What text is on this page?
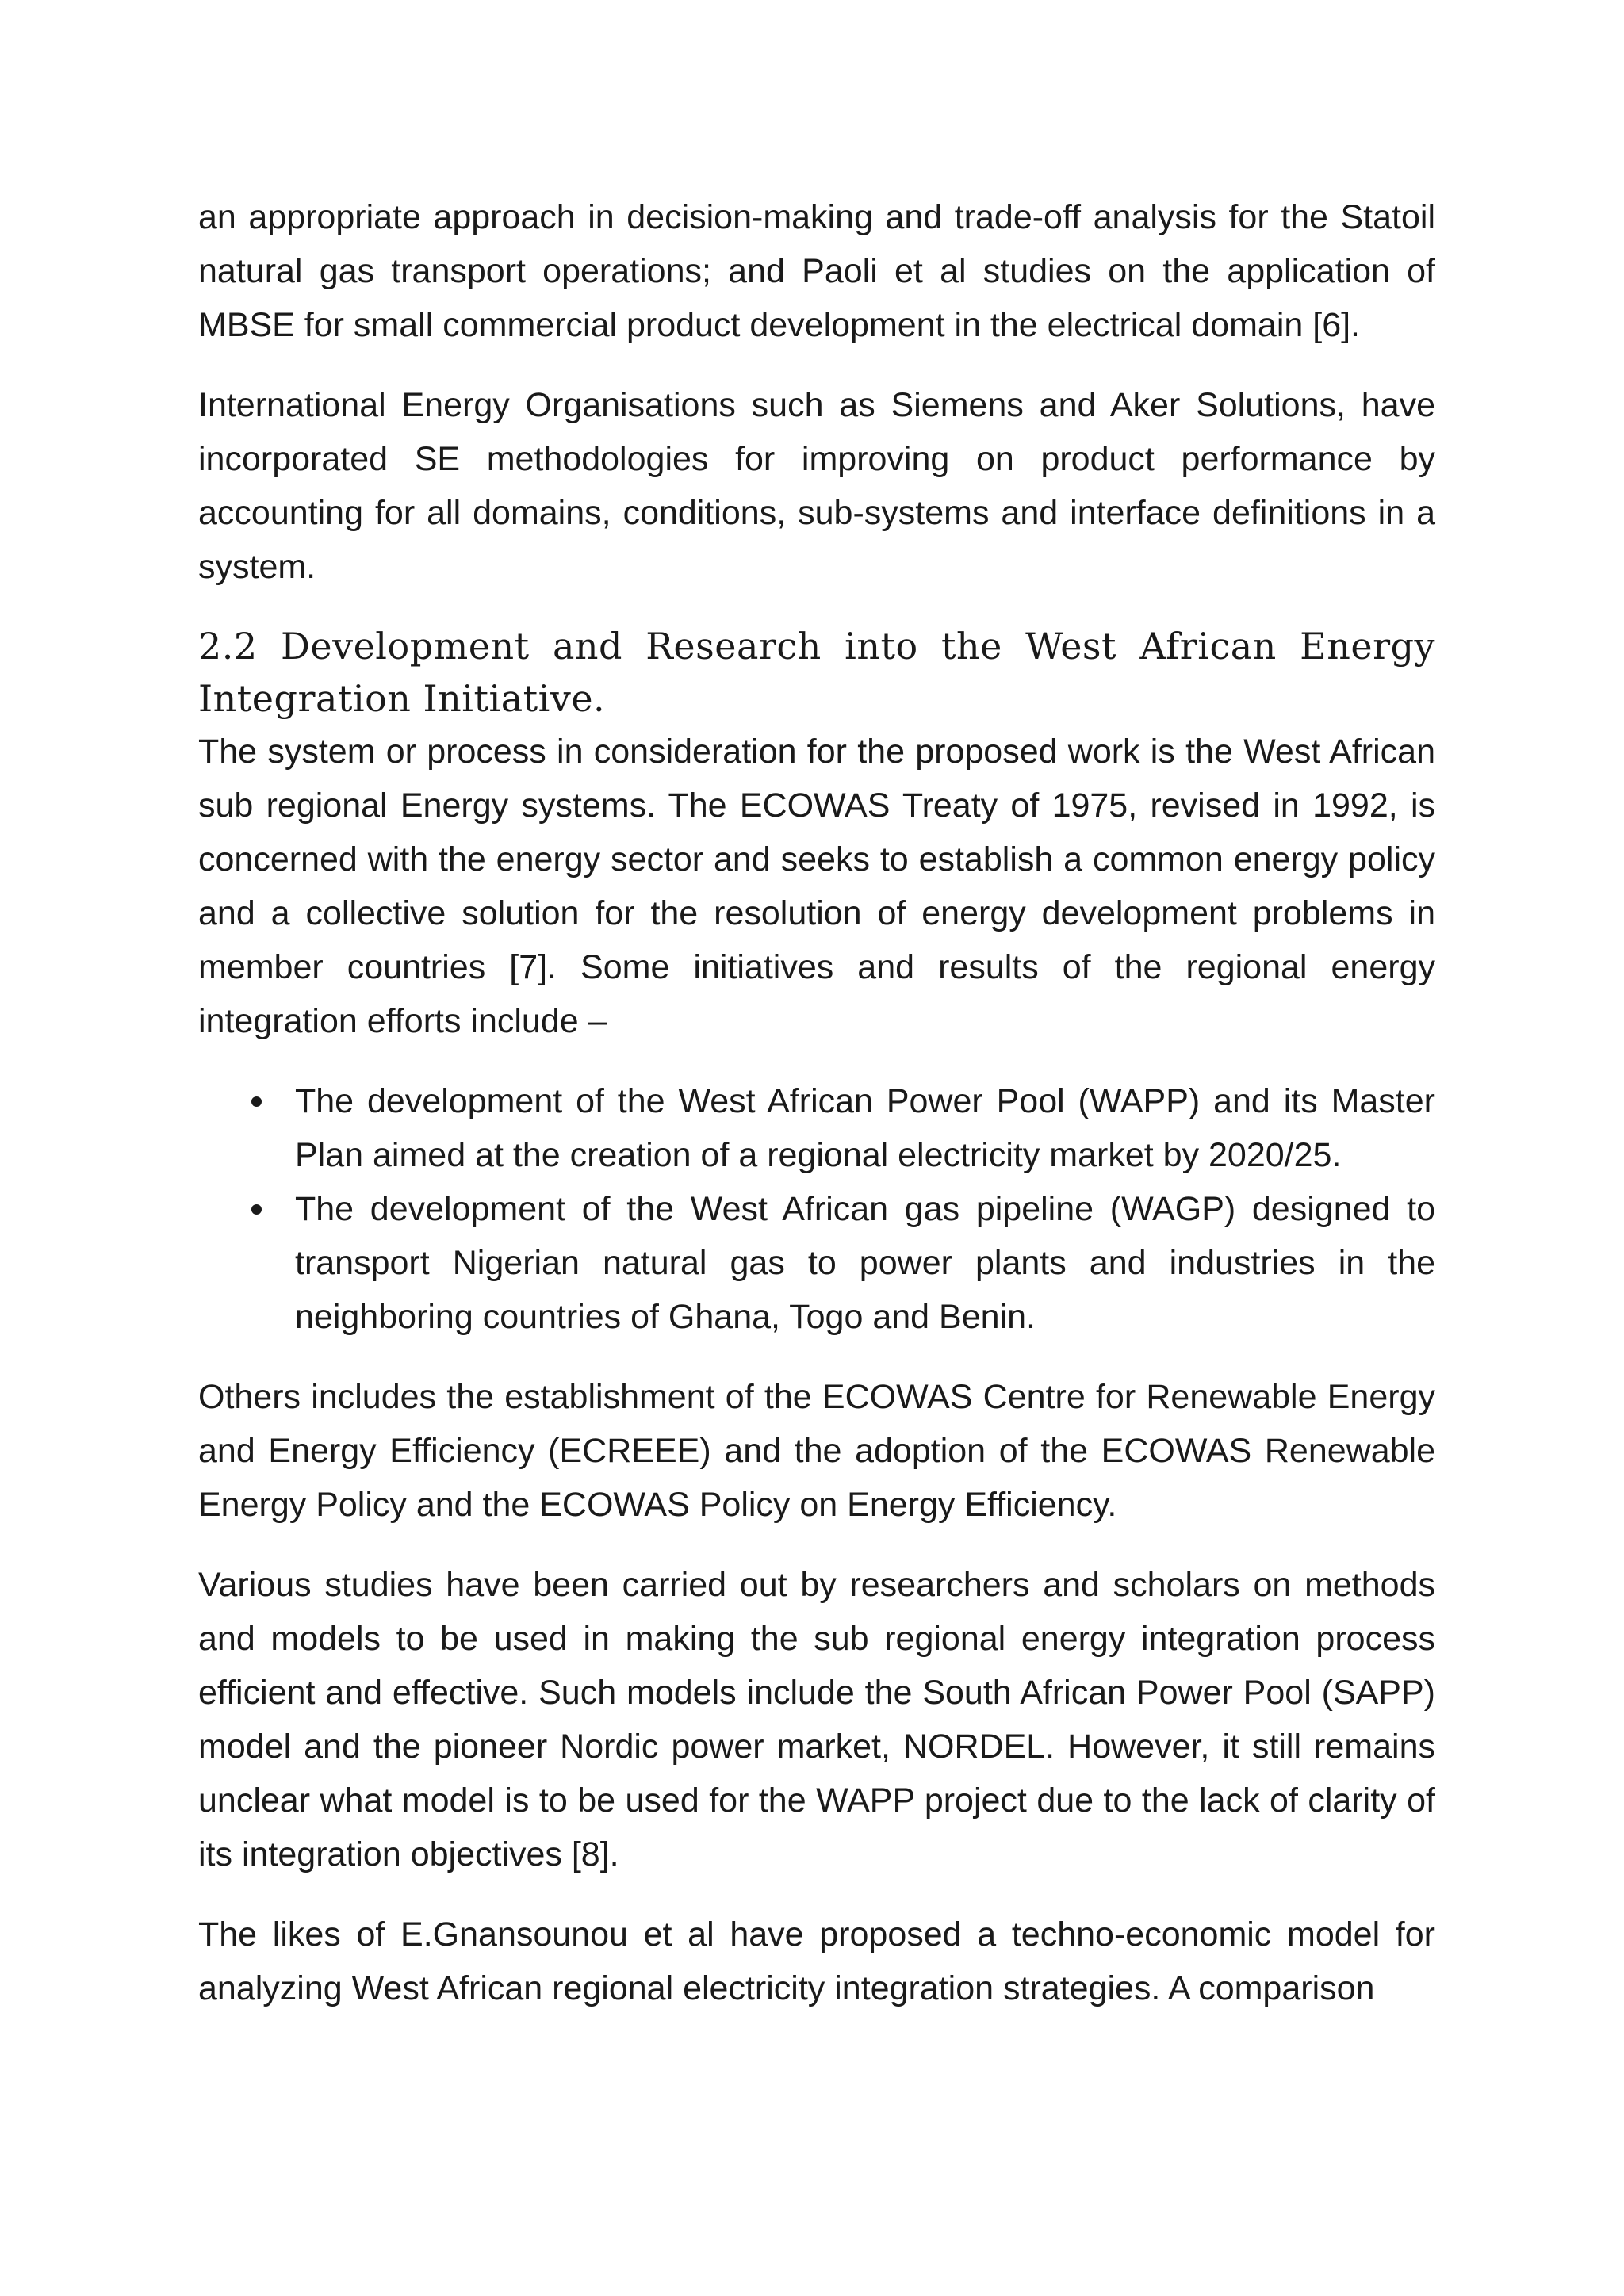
an appropriate approach in decision-making and trade-off analysis for the Statoil natural gas transport operations; and Paoli et al studies on the application of MBSE for small commercial product development in the electrical domain [6].

International Energy Organisations such as Siemens and Aker Solutions, have incorporated SE methodologies for improving on product performance by accounting for all domains, conditions, sub-systems and interface definitions in a system.

2.2 Development and Research into the West African Energy Integration Initiative.

The system or process in consideration for the proposed work is the West African sub regional Energy systems. The ECOWAS Treaty of 1975, revised in 1992, is concerned with the energy sector and seeks to establish a common energy policy and a collective solution for the resolution of energy development problems in member countries [7]. Some initiatives and results of the regional energy integration efforts include –

The development of the West African Power Pool (WAPP) and its Master Plan aimed at the creation of a regional electricity market by 2020/25.
The development of the West African gas pipeline (WAGP) designed to transport Nigerian natural gas to power plants and industries in the neighboring countries of Ghana, Togo and Benin.

Others includes the establishment of the ECOWAS Centre for Renewable Energy and Energy Efficiency (ECREEE) and the adoption of the ECOWAS Renewable Energy Policy and the ECOWAS Policy on Energy Efficiency.

Various studies have been carried out by researchers and scholars on methods and models to be used in making the sub regional energy integration process efficient and effective. Such models include the South African Power Pool (SAPP) model and the pioneer Nordic power market, NORDEL. However, it still remains unclear what model is to be used for the WAPP project due to the lack of clarity of its integration objectives [8].

The likes of E.Gnansounou et al have proposed a techno-economic model for analyzing West African regional electricity integration strategies. A comparison
